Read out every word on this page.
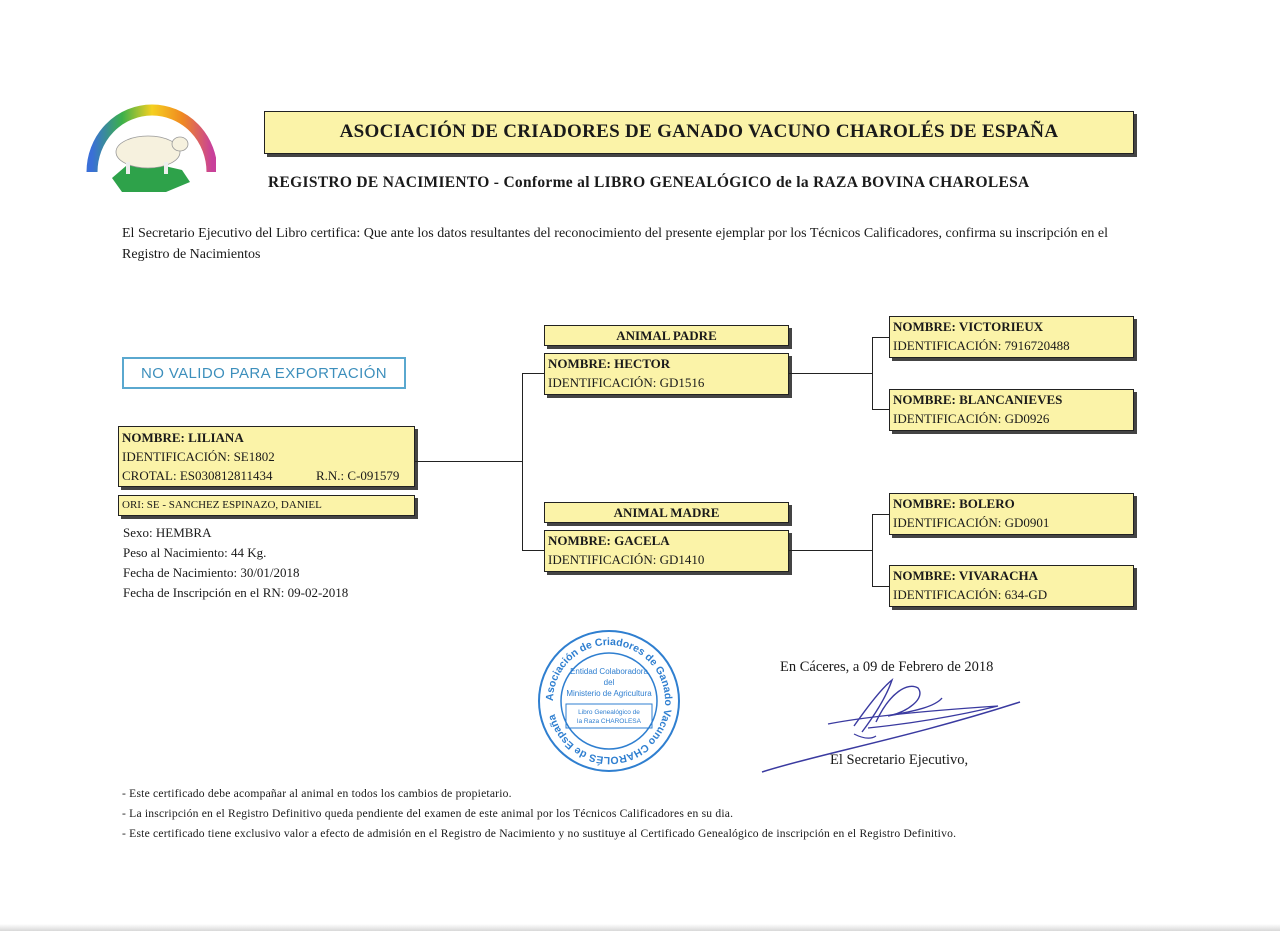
ASOCIACIÓN DE CRIADORES DE GANADO VACUNO CHAROLÉS DE ESPAÑA
REGISTRO DE NACIMIENTO - Conforme al LIBRO GENEALÓGICO de la RAZA BOVINA CHAROLESA
El Secretario Ejecutivo del Libro certifica: Que ante los datos resultantes del reconocimiento del presente ejemplar por los Técnicos Calificadores, confirma su inscripción en el Registro de Nacimientos
NO VALIDO PARA EXPORTACIÓN
NOMBRE: LILIANA
IDENTIFICACIÓN: SE1802
CROTAL: ES030812811434	R.N.: C-091579
ORI: SE - SANCHEZ ESPINAZO, DANIEL
Sexo: HEMBRA
Peso al Nacimiento: 44 Kg.
Fecha de Nacimiento: 30/01/2018
Fecha de Inscripción en el RN: 09-02-2018
ANIMAL PADRE
NOMBRE: HECTOR
IDENTIFICACIÓN: GD1516
ANIMAL MADRE
NOMBRE: GACELA
IDENTIFICACIÓN: GD1410
NOMBRE: VICTORIEUX
IDENTIFICACIÓN: 7916720488
NOMBRE: BLANCANIEVES
IDENTIFICACIÓN: GD0926
NOMBRE: BOLERO
IDENTIFICACIÓN: GD0901
NOMBRE: VIVARACHA
IDENTIFICACIÓN: 634-GD
Asociación de Criadores de Ganado Vacuno CHAROLÉS de España
Entidad Colaboradora
del
Ministerio de Agricultura
Libro Genealógico de
la Raza CHAROLESA
En Cáceres, a 09 de Febrero de 2018
El Secretario Ejecutivo,
- Este certificado debe acompañar al animal en todos los cambios de propietario.
- La inscripción en el Registro Definitivo queda pendiente del examen de este animal por los Técnicos Calificadores en su dia.
- Este certificado tiene exclusivo valor a efecto de admisión en el Registro de Nacimiento y no sustituye al Certificado Genealógico de inscripción en el Registro Definitivo.
